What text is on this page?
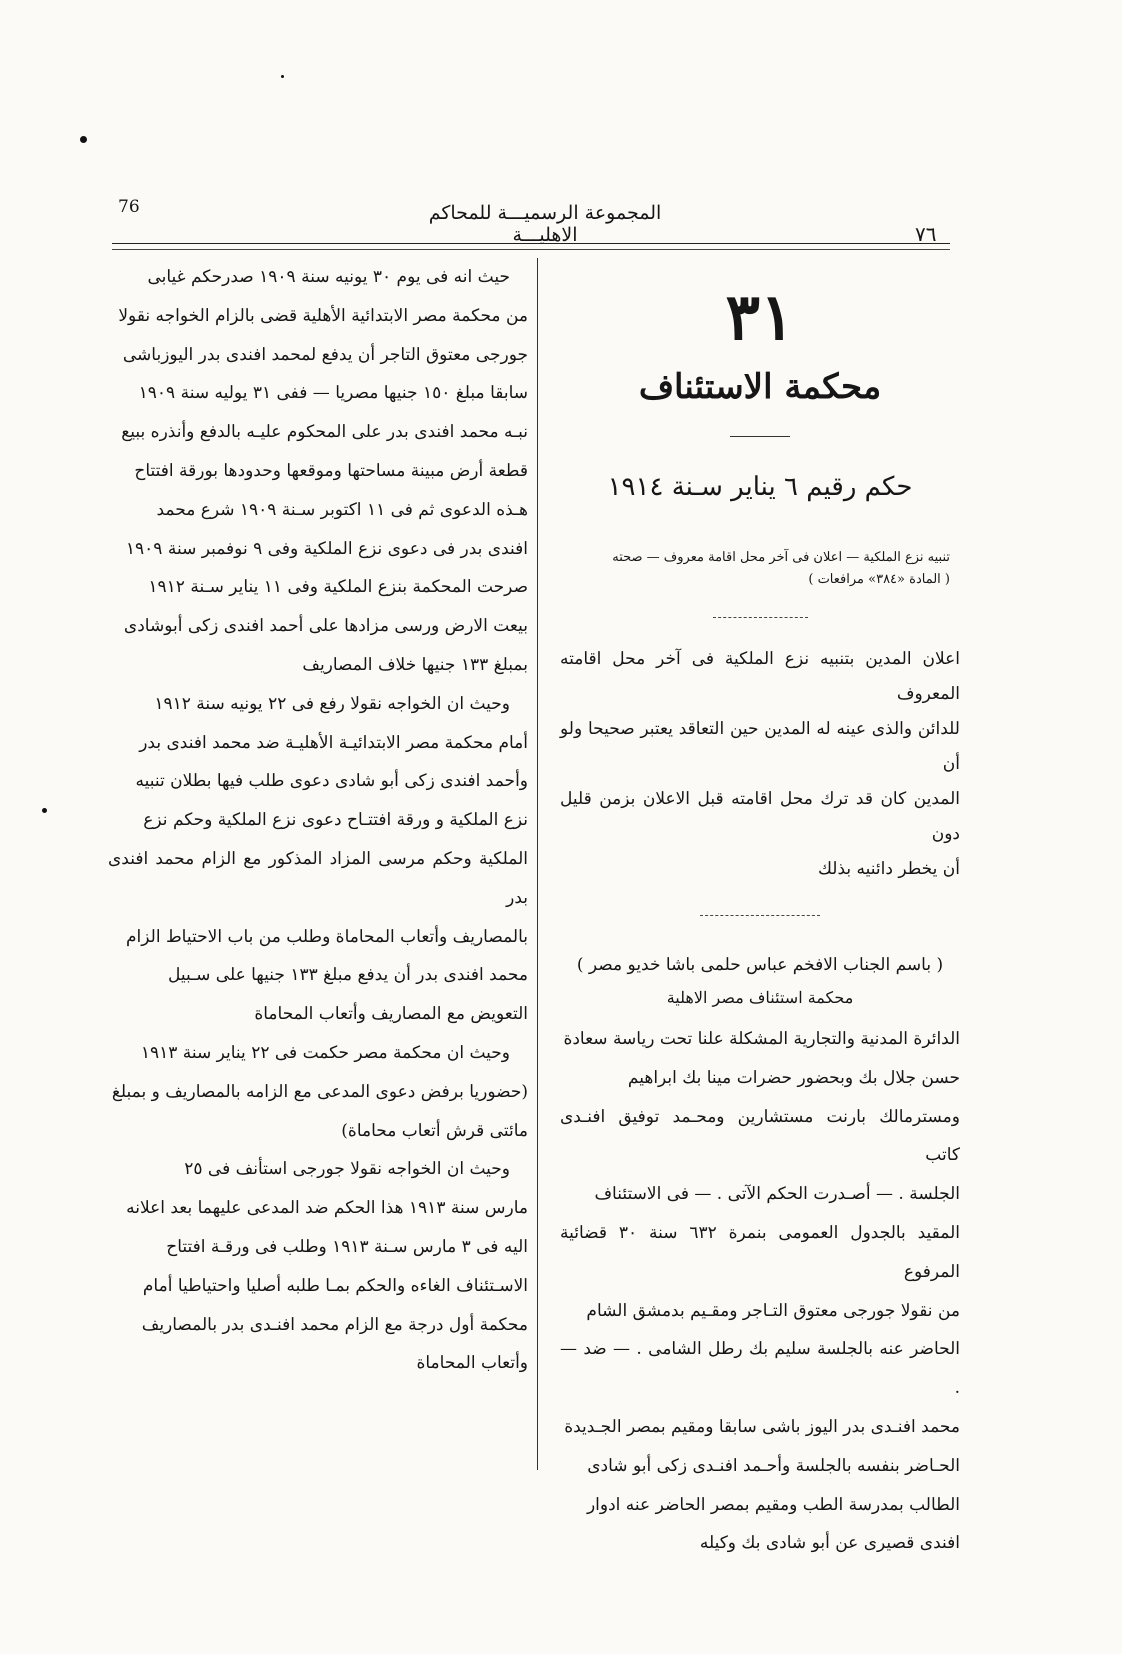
76	المجموعة الرسميـــة للمحاكم الاهليـــة	٧٦
٣١
محكمة الاستئناف
حكم رقيم ٦ يناير سـنة ١٩١٤

تنبيه نزع الملكية — اعلان فى آخر محل اقامة معروف — صحته

( المادة «٣٨٤» مرافعات )

اعلان المدين بتنبيه نزع الملكية فى آخر محل اقامته المعروف

للدائن والذى عينه له المدين حين التعاقد يعتبر صحيحا ولو أن

المدين كان قد ترك محل اقامته قبل الاعلان بزمن قليل دون

أن يخطر دائنيه بذلك

( باسم الجناب الافخم عباس حلمى باشا خديو مصر )
محكمة استئناف مصر الاهلية

الدائرة المدنية والتجارية المشكلة علنا تحت رياسة سعادة

حسن جلال بك وبحضور حضرات مينا بك ابراهيم

ومسترمالك بارنت مستشارين ومحـمد توفيق افنـدى كاتب

الجلسة . — أصـدرت الحكم الآتى . — فى الاستئناف

المقيد بالجدول العمومى بنمرة ٦٣٢ سنة ٣٠ قضائية المرفوع

من نقولا جورجى معتوق التـاجر ومقـيم بدمشق الشام

الحاضر عنه بالجلسة سليم بك رطل الشامى . — ضد — .

محمد افنـدى بدر اليوز باشى سابقا ومقيم بمصر الجـديدة

الحـاضر بنفسه بالجلسة وأحـمد افنـدى زكى أبو شادى

الطالب بمدرسة الطب ومقيم بمصر الحاضر عنه ادوار

افندى قصيرى عن أبو شادى بك وكيله

حيث انه فى يوم ٣٠ يونيه سنة ١٩٠٩ صدرحكم غيابى

من محكمة مصر الابتدائية الأهلية قضى بالزام الخواجه نقولا

جورجى معتوق التاجر أن يدفع لمحمد افندى بدر اليوزباشى

سابقا مبلغ ١٥٠ جنيها مصريا — ففى ٣١ يوليه سنة ١٩٠٩

نبـه محمد افندى بدر على المحكوم عليـه بالدفع وأنذره ببيع

قطعة أرض مبينة مساحتها وموقعها وحدودها بورقة افتتاح

هـذه الدعوى ثم فى ١١ اكتوبر سـنة ١٩٠٩ شرع محمد

افندى بدر فى دعوى نزع الملكية وفى ٩ نوفمبر سنة ١٩٠٩

صرحت المحكمة بنزع الملكية وفى ١١ يناير سـنة ١٩١٢

بيعت الارض ورسى مزادها على أحمد افندى زكى أبوشادى

بمبلغ ١٣٣ جنيها خلاف المصاريف

وحيث ان الخواجه نقولا رفع فى ٢٢ يونيه سنة ١٩١٢

أمام محكمة مصر الابتدائيـة الأهليـة ضد محمد افندى بدر

وأحمد افندى زكى أبو شادى دعوى طلب فيها بطلان تنبيه

نزع الملكية و ورقة افتتـاح دعوى نزع الملكية وحكم نزع

الملكية وحكم مرسى المزاد المذكور مع الزام محمد افندى بدر

بالمصاريف وأتعاب المحاماة وطلب من باب الاحتياط الزام

محمد افندى بدر أن يدفع مبلغ ١٣٣ جنيها على سـبيل

التعويض مع المصاريف وأتعاب المحاماة

وحيث ان محكمة مصر حكمت فى ٢٢ يناير سنة ١٩١٣

(حضوريا برفض دعوى المدعى مع الزامه بالمصاريف و بمبلغ

مائتى قرش أتعاب محاماة)

وحيث ان الخواجه نقولا جورجى استأنف فى ٢٥

مارس سنة ١٩١٣ هذا الحكم ضد المدعى عليهما بعد اعلانه

اليه فى ٣ مارس سـنة ١٩١٣ وطلب فى ورقـة افتتاح

الاسـتئناف الغاءه والحكم بمـا طلبه أصليا واحتياطيا أمام

محكمة أول درجة مع الزام محمد افنـدى بدر بالمصاريف

وأتعاب المحاماة
